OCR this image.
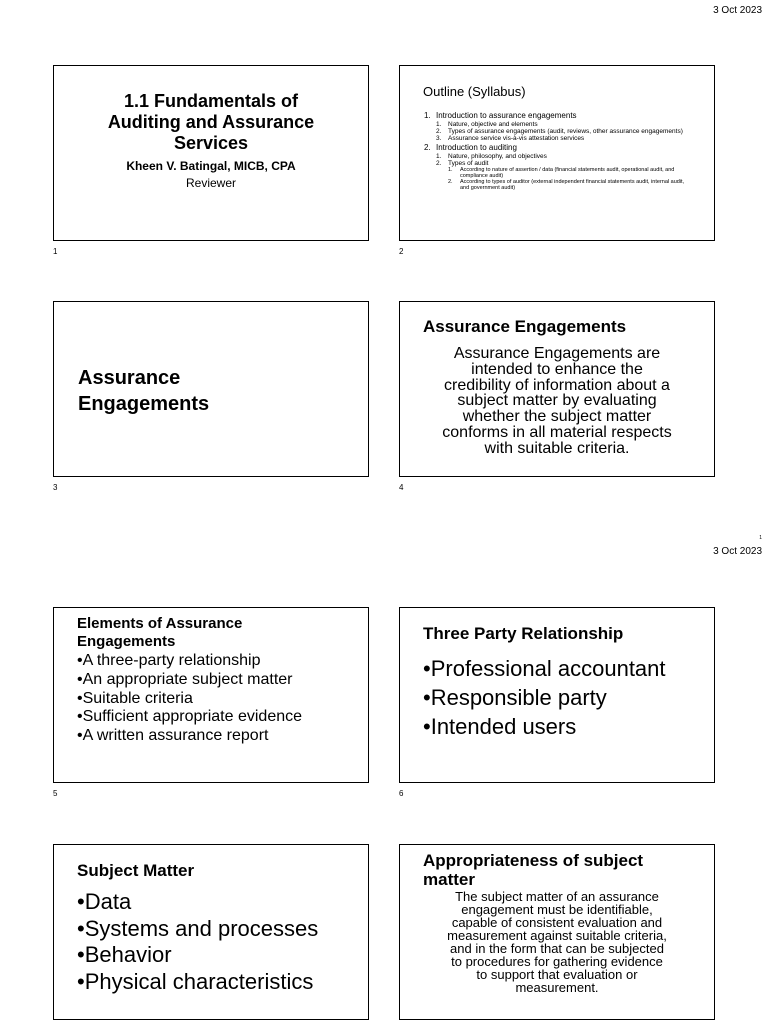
3 Oct 2023
1
3 Oct 2023
1.1 Fundamentals of
Auditing and Assurance
Services
Kheen V. Batingal, MICB, CPA
Reviewer
1
Outline (Syllabus)
1. Introduction to assurance engagements
1.	Nature, objective and elements
2.	Types of assurance engagements (audit, reviews, other assurance engagements)
3.	Assurance service vis-à-vis attestation services
2. Introduction to auditing
1.	Nature, philosophy, and objectives
2.	Types of audit
1.	According to nature of assertion / data (financial statements audit, operational audit, and compliance audit)
2.	According to types of auditor (external independent financial statements audit, internal audit, and government audit)
2
Assurance
Engagements
3
Assurance Engagements
Assurance Engagements are
intended to enhance the
credibility of information about a
subject matter by evaluating
whether the subject matter
conforms in all material respects
with suitable criteria.
4
Elements of Assurance
Engagements
•A three-party relationship
•An appropriate subject matter
•Suitable criteria
•Sufficient appropriate evidence
•A written assurance report
5
Three Party Relationship
•Professional accountant
•Responsible party
•Intended users
6
Subject Matter
•Data
•Systems and processes
•Behavior
•Physical characteristics
Appropriateness of subject
matter
The subject matter of an assurance
engagement must be identifiable,
capable of consistent evaluation and
measurement against suitable criteria,
and in the form that can be subjected
to procedures for gathering evidence
to support that evaluation or
measurement.
